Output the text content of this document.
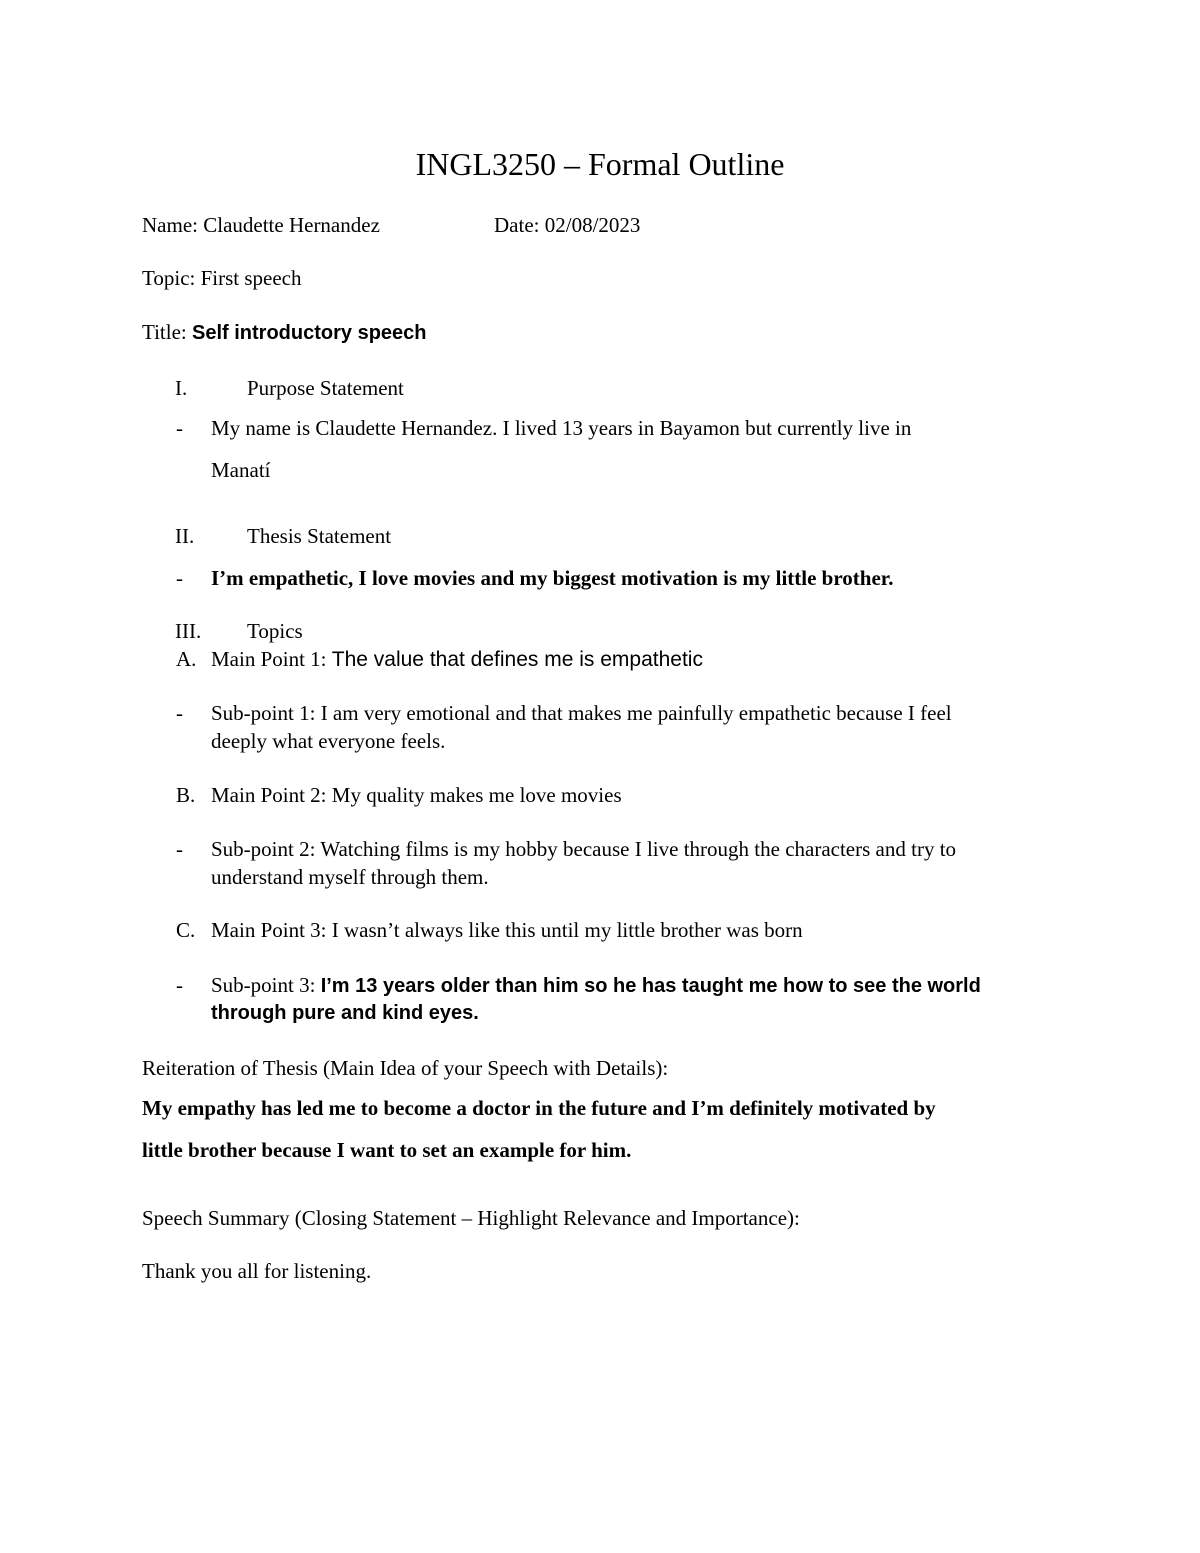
INGL3250 – Formal Outline
Name: Claudette Hernandez	Date: 02/08/2023
Topic: First speech
Title: Self introductory speech
I.	Purpose Statement
- My name is Claudette Hernandez. I lived 13 years in Bayamon but currently live in
Manatí
II.	Thesis Statement
- I’m empathetic, I love movies and my biggest motivation is my little brother.
III. Topics
A. Main Point 1: The value that defines me is empathetic
- Sub-point 1: I am very emotional and that makes me painfully empathetic because I feel
deeply what everyone feels.
B. Main Point 2: My quality makes me love movies
- Sub-point 2: Watching films is my hobby because I live through the characters and try to
understand myself through them.
C. Main Point 3: I wasn’t always like this until my little brother was born
- Sub-point 3: I’m 13 years older than him so he has taught me how to see the world
through pure and kind eyes.
Reiteration of Thesis (Main Idea of your Speech with Details):
My empathy has led me to become a doctor in the future and I’m definitely motivated by
little brother because I want to set an example for him.
Speech Summary (Closing Statement – Highlight Relevance and Importance):
Thank you all for listening.
